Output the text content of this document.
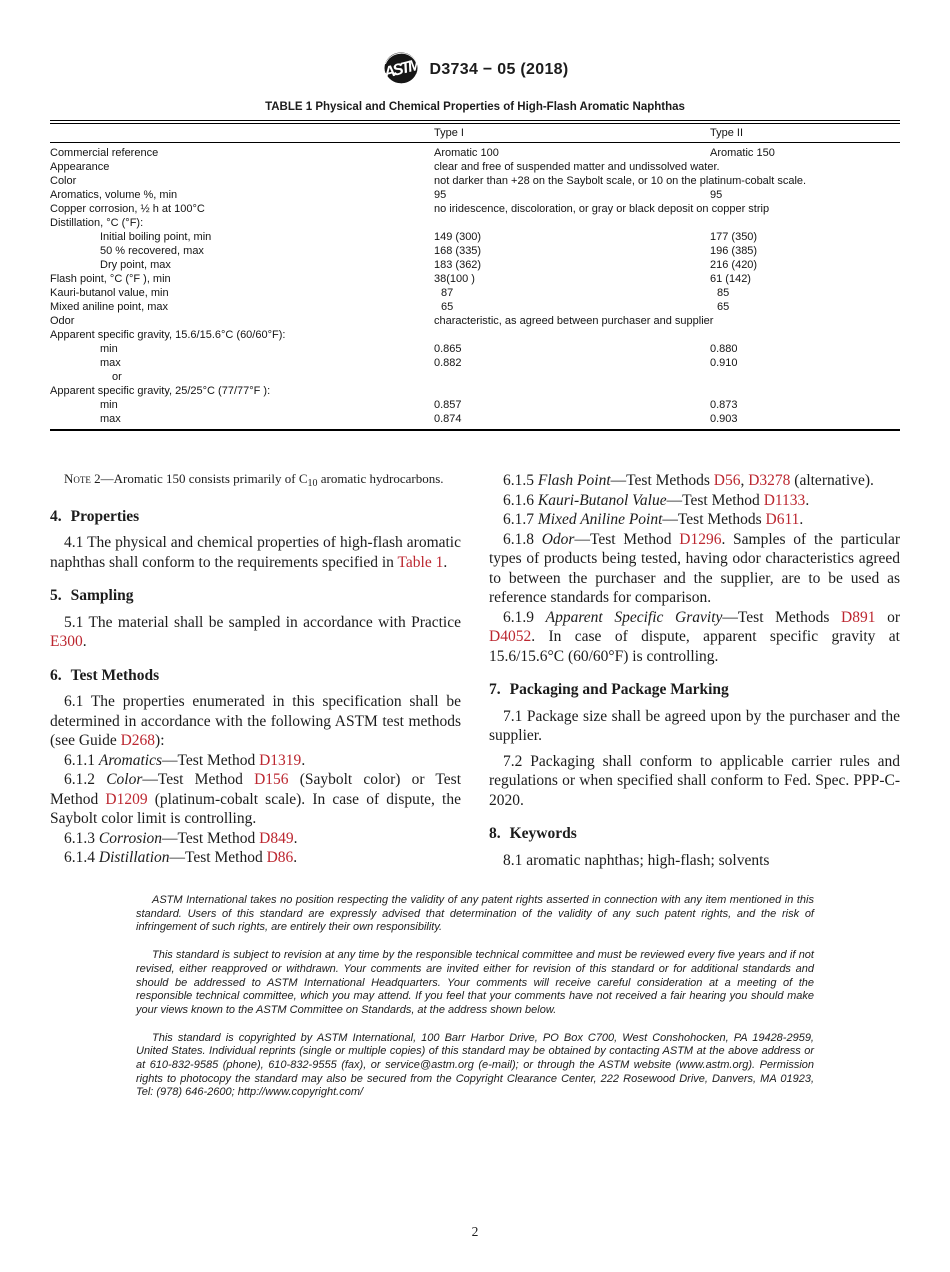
ASTM D3734 − 05 (2018)
TABLE 1 Physical and Chemical Properties of High-Flash Aromatic Naphthas
	Type I	Type II
Commercial reference	Aromatic 100	Aromatic 150
Appearance	clear and free of suspended matter and undissolved water.	
Color	not darker than +28 on the Saybolt scale, or 10 on the platinum-cobalt scale.	
Aromatics, volume %, min	95	95
Copper corrosion, ½ h at 100°C	no iridescence, discoloration, or gray or black deposit on copper strip	
Distillation, °C (°F):		
Initial boiling point, min	149 (300)	177 (350)
50 % recovered, max	168 (335)	196 (385)
Dry point, max	183 (362)	216 (420)
Flash point, °C (°F ), min	38(100 )	61 (142)
Kauri-butanol value, min	87	85
Mixed aniline point, max	65	65
Odor	characteristic, as agreed between purchaser and supplier	
Apparent specific gravity, 15.6/15.6°C (60/60°F):		
min	0.865	0.880
max	0.882	0.910
or		
Apparent specific gravity, 25/25°C (77/77°F ):		
min	0.857	0.873
max	0.874	0.903
Note 2—Aromatic 150 consists primarily of $C_{10}$ aromatic hydrocarbons.
4. Properties
4.1 The physical and chemical properties of high-flash aromatic naphthas shall conform to the requirements specified in Table 1.
5. Sampling
5.1 The material shall be sampled in accordance with Practice E300.
6. Test Methods
6.1 The properties enumerated in this specification shall be determined in accordance with the following ASTM test methods (see Guide D268):
6.1.1 Aromatics—Test Method D1319.
6.1.2 Color—Test Method D156 (Saybolt color) or Test Method D1209 (platinum-cobalt scale). In case of dispute, the Saybolt color limit is controlling.
6.1.3 Corrosion—Test Method D849.
6.1.4 Distillation—Test Method D86.
6.1.5 Flash Point—Test Methods D56, D3278 (alternative).
6.1.6 Kauri-Butanol Value—Test Method D1133.
6.1.7 Mixed Aniline Point—Test Methods D611.
6.1.8 Odor—Test Method D1296. Samples of the particular types of products being tested, having odor characteristics agreed to between the purchaser and the supplier, are to be used as reference standards for comparison.
6.1.9 Apparent Specific Gravity—Test Methods D891 or D4052. In case of dispute, apparent specific gravity at 15.6/15.6°C (60/60°F) is controlling.
7. Packaging and Package Marking
7.1 Package size shall be agreed upon by the purchaser and the supplier.
7.2 Packaging shall conform to applicable carrier rules and regulations or when specified shall conform to Fed. Spec. PPP-C-2020.
8. Keywords
8.1 aromatic naphthas; high-flash; solvents
ASTM International takes no position respecting the validity of any patent rights asserted in connection with any item mentioned in this standard. Users of this standard are expressly advised that determination of the validity of any such patent rights, and the risk of infringement of such rights, are entirely their own responsibility.
This standard is subject to revision at any time by the responsible technical committee and must be reviewed every five years and if not revised, either reapproved or withdrawn. Your comments are invited either for revision of this standard or for additional standards and should be addressed to ASTM International Headquarters. Your comments will receive careful consideration at a meeting of the responsible technical committee, which you may attend. If you feel that your comments have not received a fair hearing you should make your views known to the ASTM Committee on Standards, at the address shown below.
This standard is copyrighted by ASTM International, 100 Barr Harbor Drive, PO Box C700, West Conshohocken, PA 19428-2959, United States. Individual reprints (single or multiple copies) of this standard may be obtained by contacting ASTM at the above address or at 610-832-9585 (phone), 610-832-9555 (fax), or service@astm.org (e-mail); or through the ASTM website (www.astm.org). Permission rights to photocopy the standard may also be secured from the Copyright Clearance Center, 222 Rosewood Drive, Danvers, MA 01923, Tel: (978) 646-2600; http://www.copyright.com/
2
